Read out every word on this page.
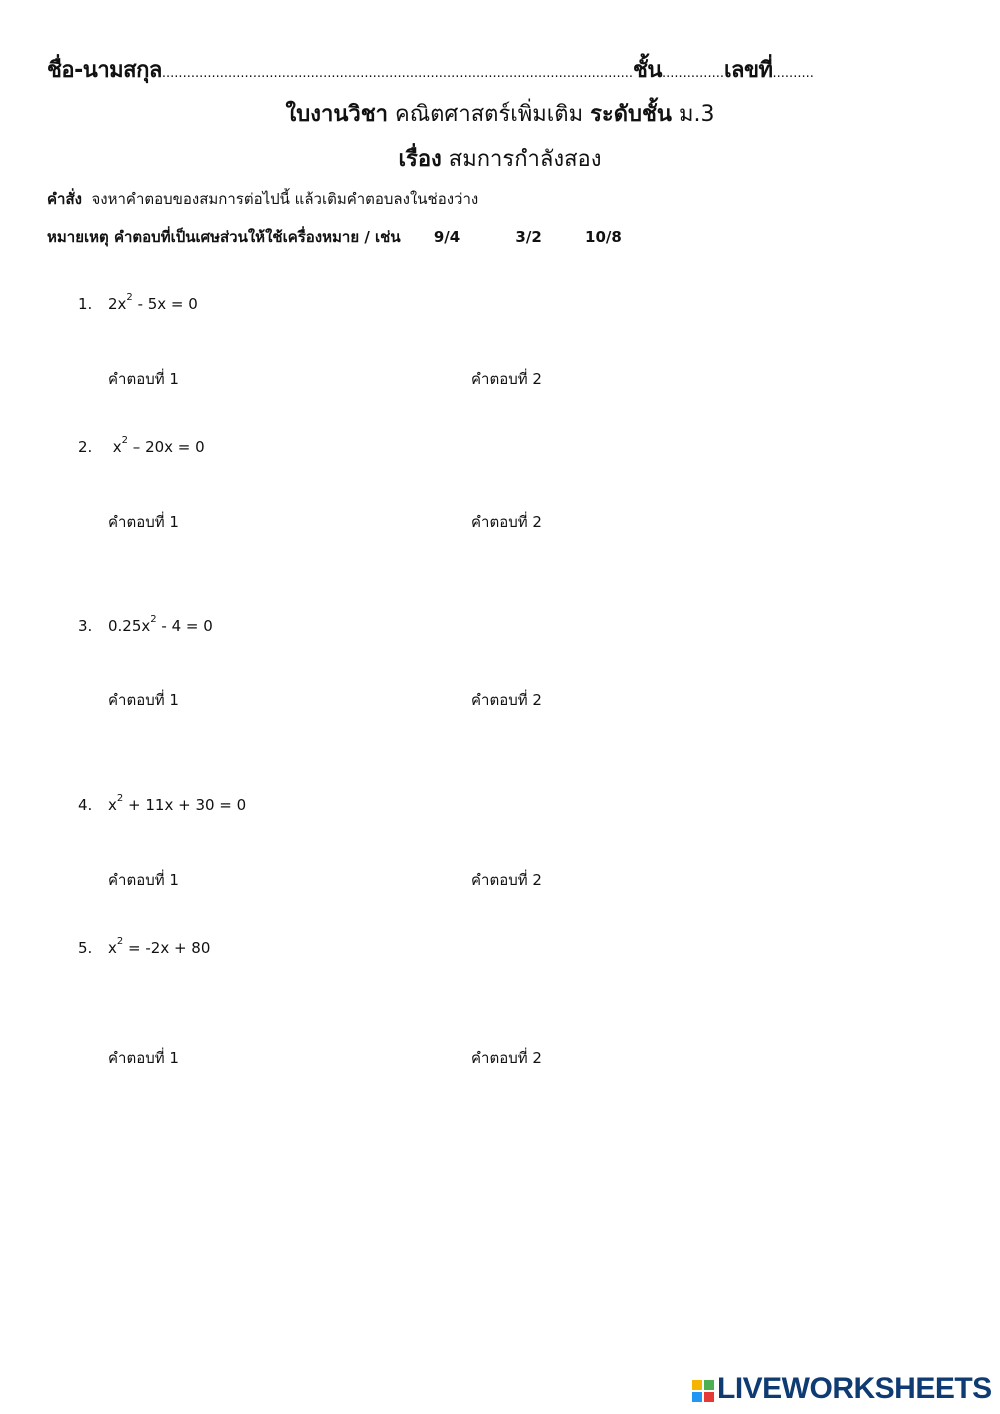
ชื่อ-นามสกุล..................................................................................................................ชั้น...............เลขที่..........
ใบงานวิชา คณิตศาสตร์เพิ่มเติม ระดับชั้น ม.3
เรื่อง สมการกำลังสอง
คำสั่ง จงหาคำตอบของสมการต่อไปนี้ แล้วเติมคำตอบลงในช่องว่าง
หมายเหตุ คำตอบที่เป็นเศษส่วนให้ใช้เครื่องหมาย / เช่น 9/4	3/2	10/8
1. $2x^2 - 5x = 0$
คำตอบที่ 1	คำตอบที่ 2
2. $x^2 - 20x = 0$
คำตอบที่ 1	คำตอบที่ 2
3. $0.25x^2 - 4 = 0$
คำตอบที่ 1	คำตอบที่ 2
4. $x^2 + 11x + 30 = 0$
คำตอบที่ 1	คำตอบที่ 2
5. $x^2 = -2x + 80$
คำตอบที่ 1	คำตอบที่ 2
LIVEWORKSHEETS
